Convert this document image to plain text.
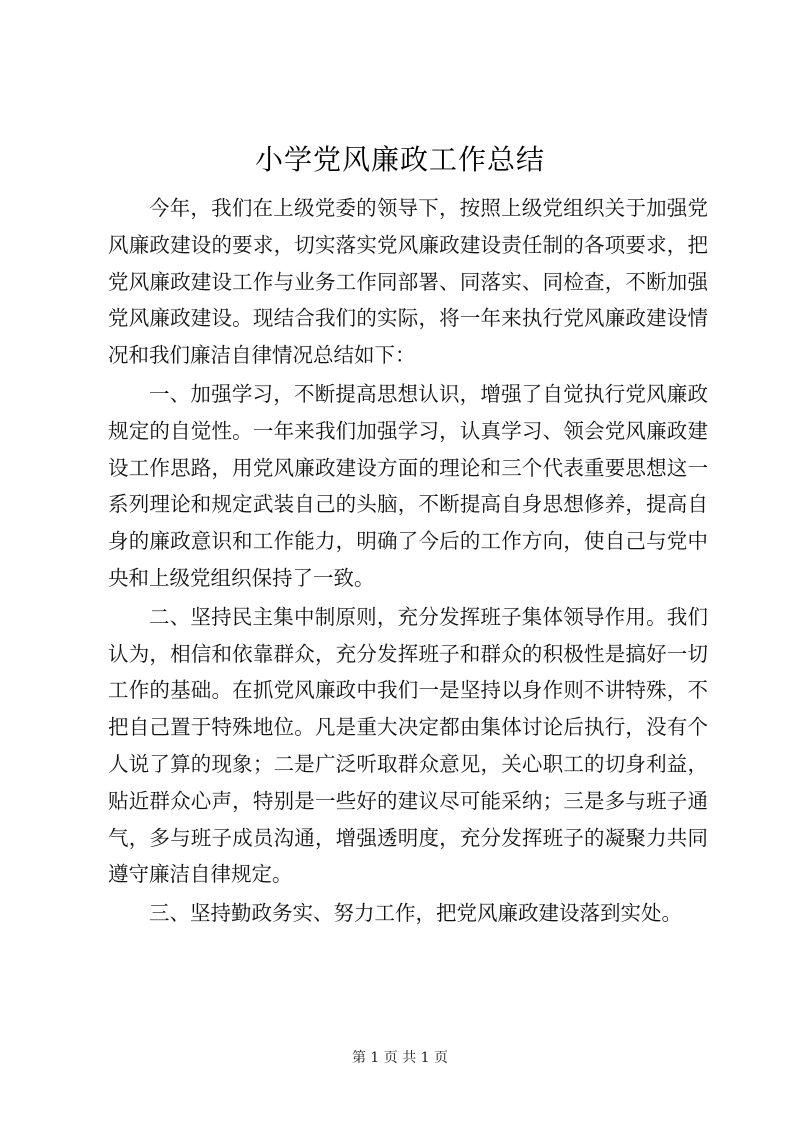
小学党风廉政工作总结

今年，我们在上级党委的领导下，按照上级党组织关于加强党风廉政建设的要求，切实落实党风廉政建设责任制的各项要求，把党风廉政建设工作与业务工作同部署、同落实、同检查，不断加强党风廉政建设。现结合我们的实际，将一年来执行党风廉政建设情况和我们廉洁自律情况总结如下：

一、加强学习，不断提高思想认识，增强了自觉执行党风廉政规定的自觉性。一年来我们加强学习，认真学习、领会党风廉政建设工作思路，用党风廉政建设方面的理论和三个代表重要思想这一系列理论和规定武装自己的头脑，不断提高自身思想修养，提高自身的廉政意识和工作能力，明确了今后的工作方向，使自己与党中央和上级党组织保持了一致。

二、坚持民主集中制原则，充分发挥班子集体领导作用。我们认为，相信和依靠群众，充分发挥班子和群众的积极性是搞好一切工作的基础。在抓党风廉政中我们一是坚持以身作则不讲特殊，不把自己置于特殊地位。凡是重大决定都由集体讨论后执行，没有个人说了算的现象；二是广泛听取群众意见，关心职工的切身利益，贴近群众心声，特别是一些好的建议尽可能采纳；三是多与班子通气，多与班子成员沟通，增强透明度，充分发挥班子的凝聚力共同遵守廉洁自律规定。

三、坚持勤政务实、努力工作，把党风廉政建设落到实处。

第 1 页 共 1 页
